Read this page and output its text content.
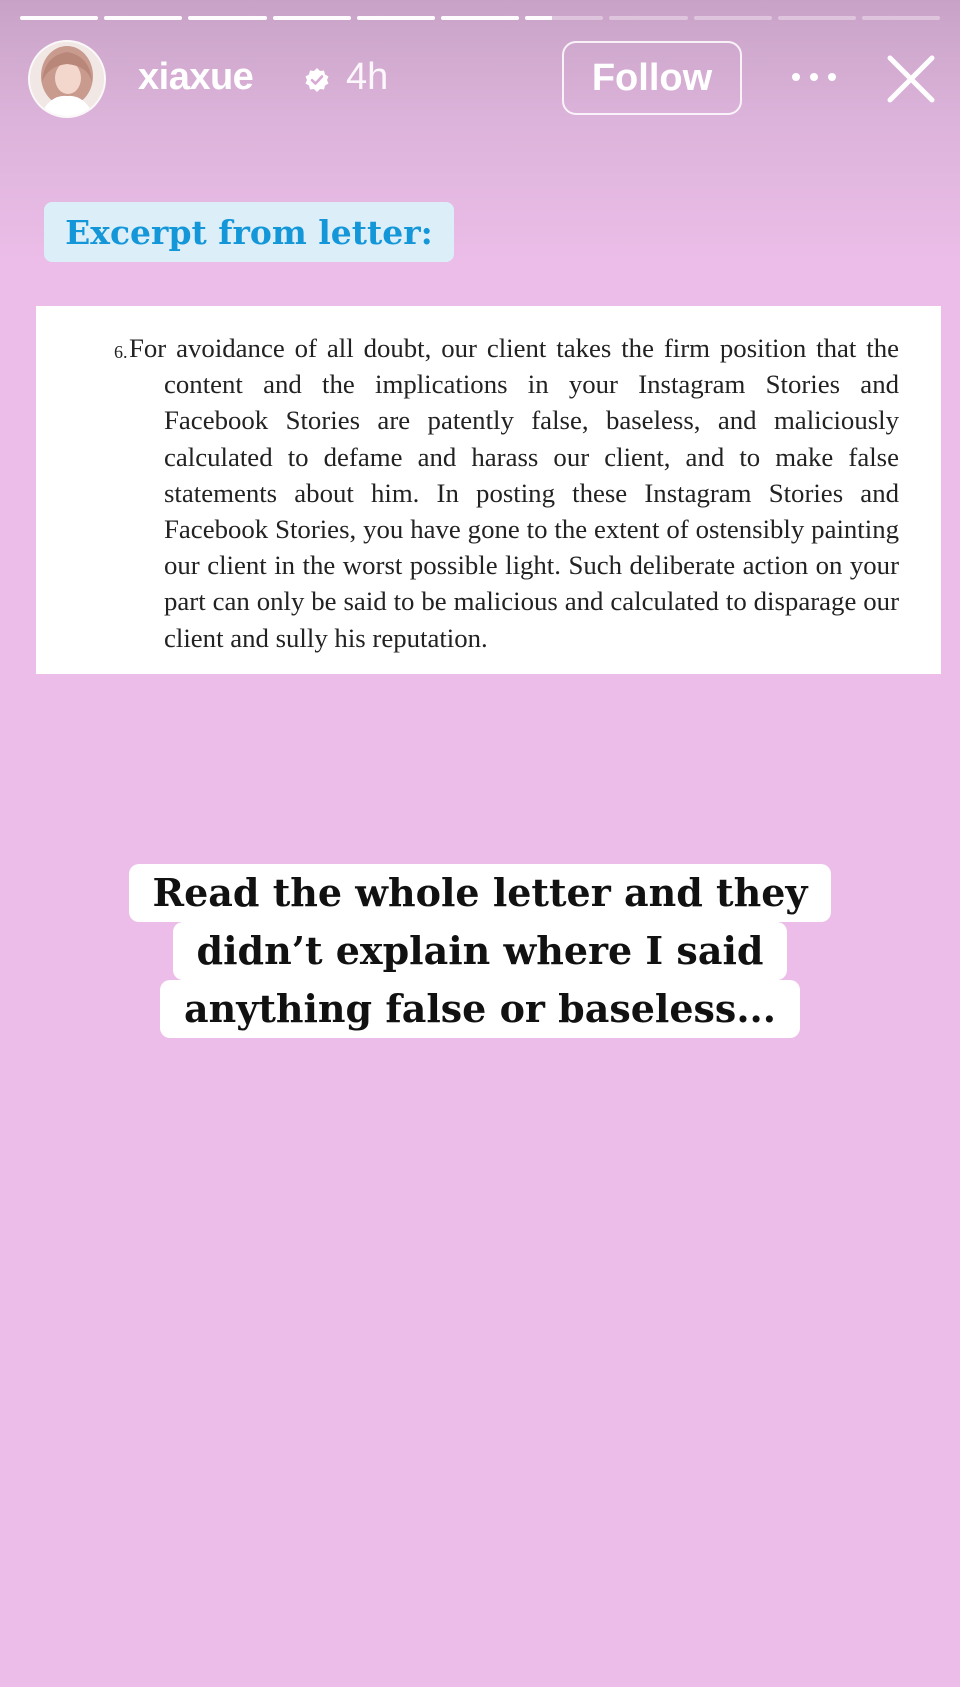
xiaxue 4h	Follow
Excerpt from letter:
6. For avoidance of all doubt, our client takes the firm position that the content and the implications in your Instagram Stories and Facebook Stories are patently false, baseless, and maliciously calculated to defame and harass our client, and to make false statements about him. In posting these Instagram Stories and Facebook Stories, you have gone to the extent of ostensibly painting our client in the worst possible light. Such deliberate action on your part can only be said to be malicious and calculated to disparage our client and sully his reputation.
Read the whole letter and they
didn’t explain where I said
anything false or baseless...
